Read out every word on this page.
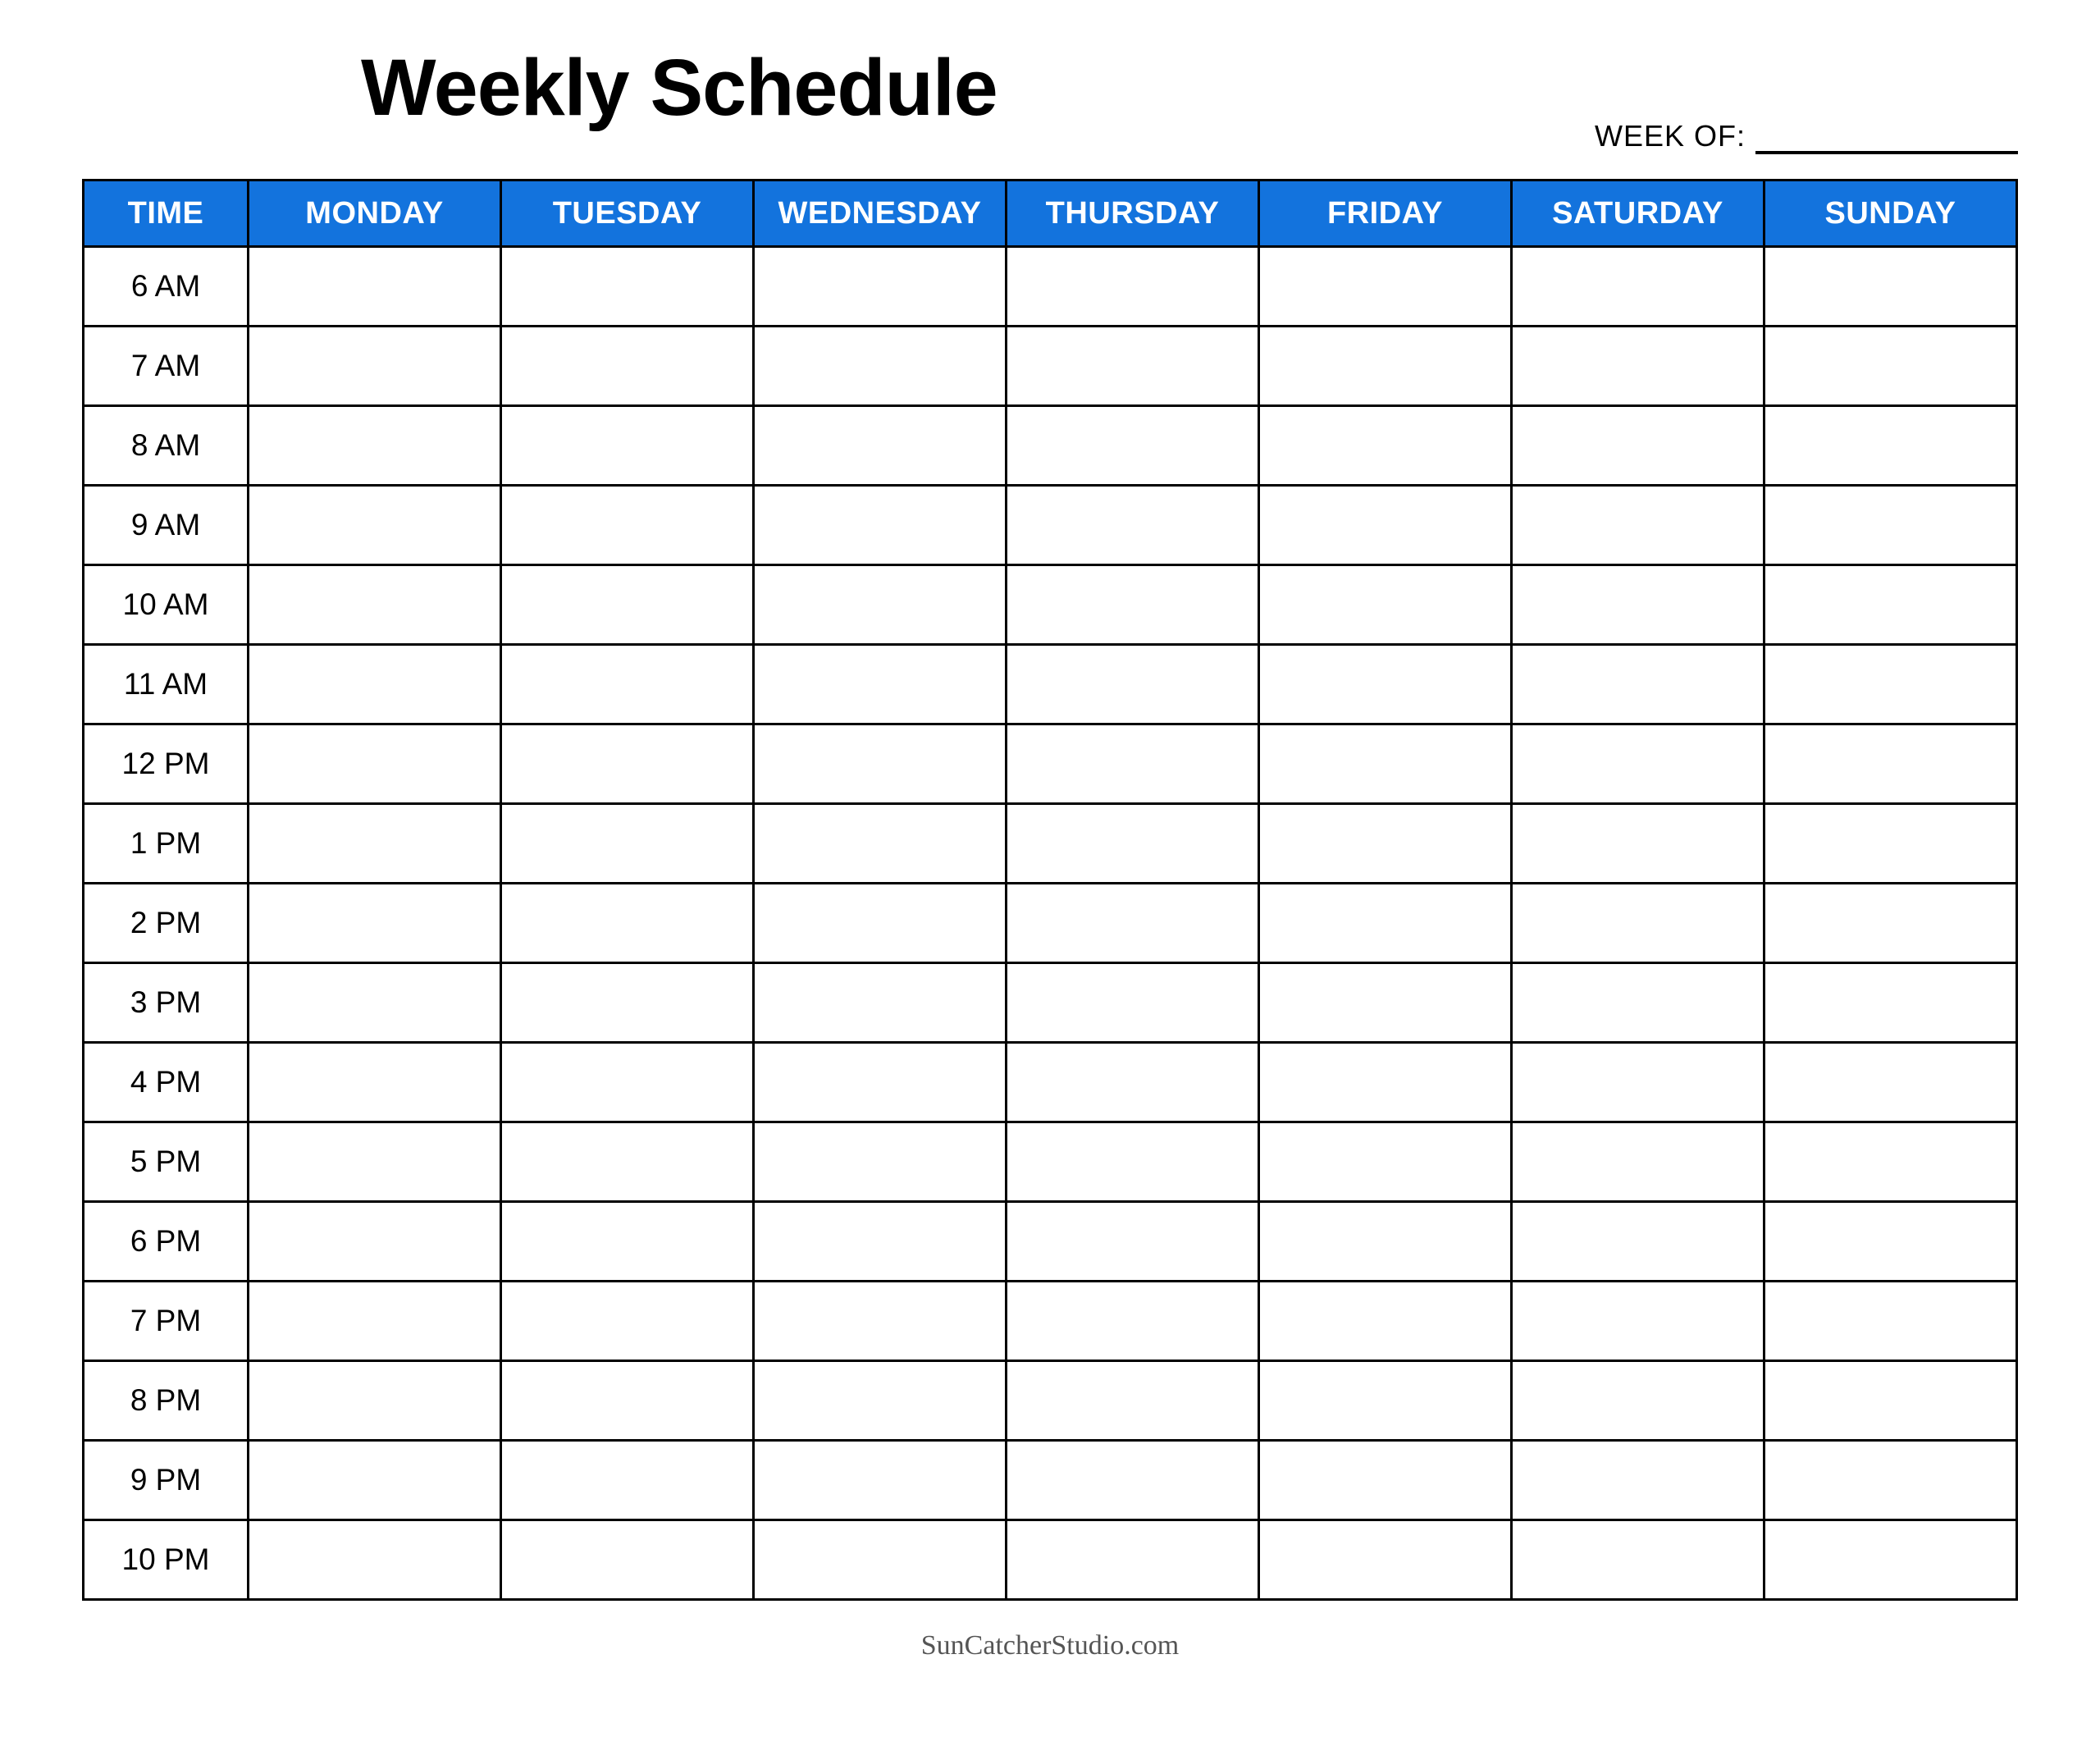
Weekly Schedule
WEEK OF:
TIME	MONDAY	TUESDAY	WEDNESDAY	THURSDAY	FRIDAY	SATURDAY	SUNDAY
6 AM							
7 AM							
8 AM							
9 AM							
10 AM							
11 AM							
12 PM							
1 PM							
2 PM							
3 PM							
4 PM							
5 PM							
6 PM							
7 PM							
8 PM							
9 PM							
10 PM							
SunCatcherStudio.com
